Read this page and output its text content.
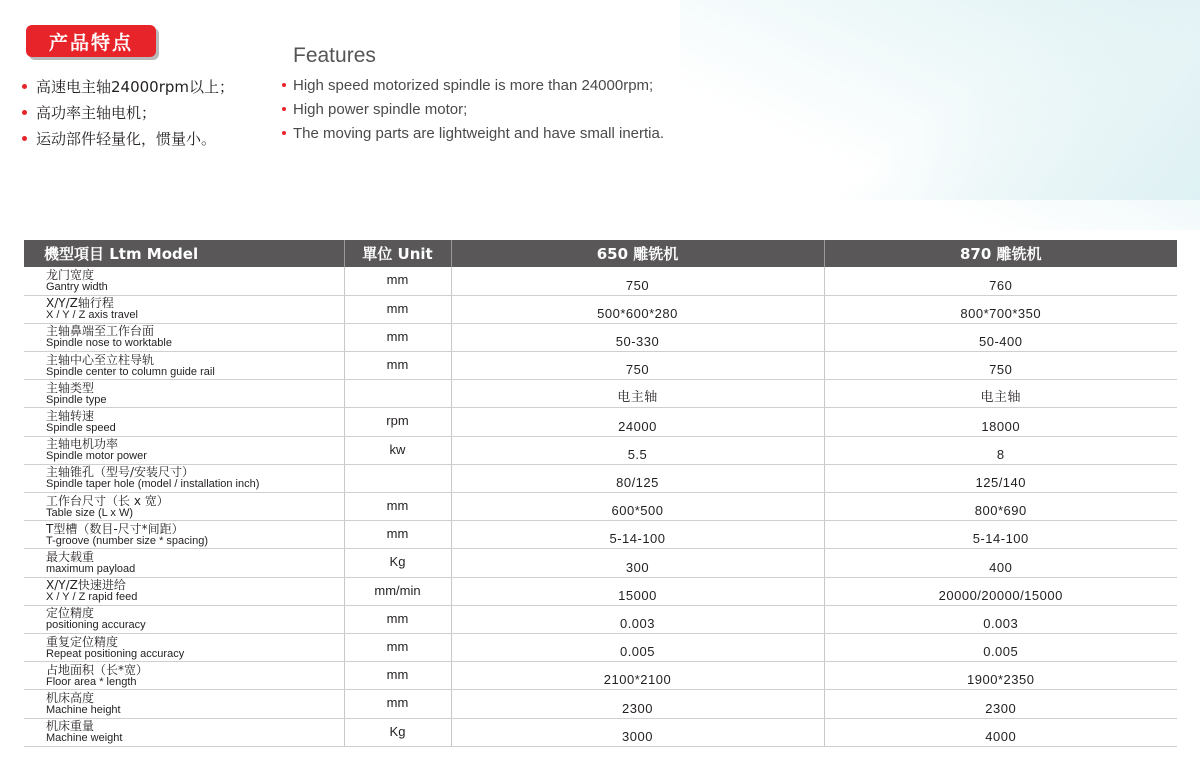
产品特点
高速电主轴24000rpm以上；
高功率主轴电机；
运动部件轻量化，惯量小。
Features
High speed motorized spindle is more than 24000rpm;
High power spindle motor;
The moving parts are lightweight and have small inertia.
機型項目 Ltm Model	單位 Unit	650 雕铣机	870 雕铣机

龙门宽度
Gantry width	mm	750	760

X/Y/Z轴行程
X / Y / Z axis travel	mm	500*600*280	800*700*350

主轴鼻端至工作台面
Spindle nose to worktable	mm	50-330	50-400

主轴中心至立柱导轨
Spindle center to column guide rail	mm	750	750

主轴类型
Spindle type		电主轴	电主轴

主轴转速
Spindle speed	rpm	24000	18000

主轴电机功率
Spindle motor power	kw	5.5	8

主轴锥孔（型号/安装尺寸）
Spindle taper hole (model / installation inch)		80/125	125/140

工作台尺寸（长 x 宽）
Table size (L x W)	mm	600*500	800*690

T型槽（数目-尺寸*间距）
T-groove (number size * spacing)	mm	5-14-100	5-14-100

最大载重
maximum payload	Kg	300	400

X/Y/Z快速进给
X / Y / Z rapid feed	mm/min	15000	20000/20000/15000

定位精度
positioning accuracy	mm	0.003	0.003

重复定位精度
Repeat positioning accuracy	mm	0.005	0.005

占地面积（长*宽）
Floor area * length	mm	2100*2100	1900*2350

机床高度
Machine height	mm	2300	2300

机床重量
Machine weight	Kg	3000	4000
